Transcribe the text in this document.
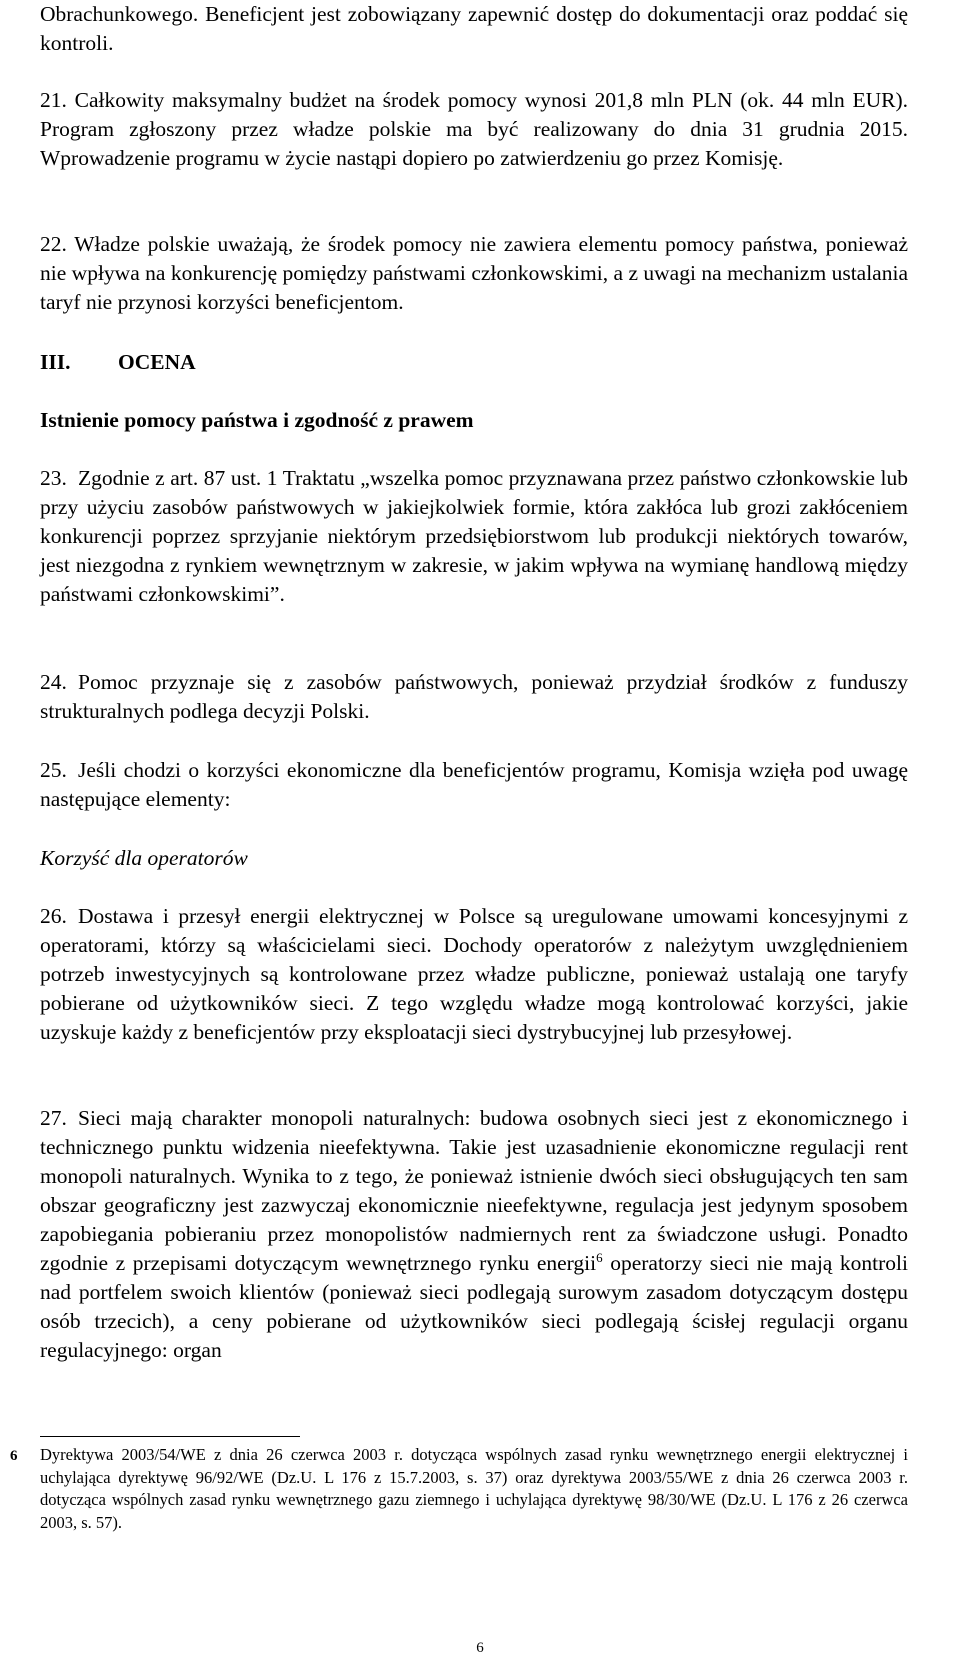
Obrachunkowego. Beneficjent jest zobowiązany zapewnić dostęp do dokumentacji oraz poddać się kontroli.
21. Całkowity maksymalny budżet na środek pomocy wynosi 201,8 mln PLN (ok. 44 mln EUR). Program zgłoszony przez władze polskie ma być realizowany do dnia 31 grudnia 2015. Wprowadzenie programu w życie nastąpi dopiero po zatwierdzeniu go przez Komisję.
22. Władze polskie uważają, że środek pomocy nie zawiera elementu pomocy państwa, ponieważ nie wpływa na konkurencję pomiędzy państwami członkowskimi, a z uwagi na mechanizm ustalania taryf nie przynosi korzyści beneficjentom.
III. OCENA
Istnienie pomocy państwa i zgodność z prawem
23. Zgodnie z art. 87 ust. 1 Traktatu „wszelka pomoc przyznawana przez państwo członkowskie lub przy użyciu zasobów państwowych w jakiejkolwiek formie, która zakłóca lub grozi zakłóceniem konkurencji poprzez sprzyjanie niektórym przedsiębiorstwom lub produkcji niektórych towarów, jest niezgodna z rynkiem wewnętrznym w zakresie, w jakim wpływa na wymianę handlową między państwami członkowskimi”.
24. Pomoc przyznaje się z zasobów państwowych, ponieważ przydział środków z funduszy strukturalnych podlega decyzji Polski.
25. Jeśli chodzi o korzyści ekonomiczne dla beneficjentów programu, Komisja wzięła pod uwagę następujące elementy:
Korzyść dla operatorów
26. Dostawa i przesył energii elektrycznej w Polsce są uregulowane umowami koncesyjnymi z operatorami, którzy są właścicielami sieci. Dochody operatorów z należytym uwzględnieniem potrzeb inwestycyjnych są kontrolowane przez władze publiczne, ponieważ ustalają one taryfy pobierane od użytkowników sieci. Z tego względu władze mogą kontrolować korzyści, jakie uzyskuje każdy z beneficjentów przy eksploatacji sieci dystrybucyjnej lub przesyłowej.
27. Sieci mają charakter monopoli naturalnych: budowa osobnych sieci jest z ekonomicznego i technicznego punktu widzenia nieefektywna. Takie jest uzasadnienie ekonomiczne regulacji rent monopoli naturalnych. Wynika to z tego, że ponieważ istnienie dwóch sieci obsługujących ten sam obszar geograficzny jest zazwyczaj ekonomicznie nieefektywne, regulacja jest jedynym sposobem zapobiegania pobieraniu przez monopolistów nadmiernych rent za świadczone usługi. Ponadto zgodnie z przepisami dotyczącym wewnętrznego rynku energii$^6$ operatorzy sieci nie mają kontroli nad portfelem swoich klientów (ponieważ sieci podlegają surowym zasadom dotyczącym dostępu osób trzecich), a ceny pobierane od użytkowników sieci podlegają ścisłej regulacji organu regulacyjnego: organ
6 Dyrektywa 2003/54/WE z dnia 26 czerwca 2003 r. dotycząca wspólnych zasad rynku wewnętrznego energii elektrycznej i uchylająca dyrektywę 96/92/WE (Dz.U. L 176 z 15.7.2003, s. 37) oraz dyrektywa 2003/55/WE z dnia 26 czerwca 2003 r. dotycząca wspólnych zasad rynku wewnętrznego gazu ziemnego i uchylająca dyrektywę 98/30/WE (Dz.U. L 176 z 26 czerwca 2003, s. 57).
6
